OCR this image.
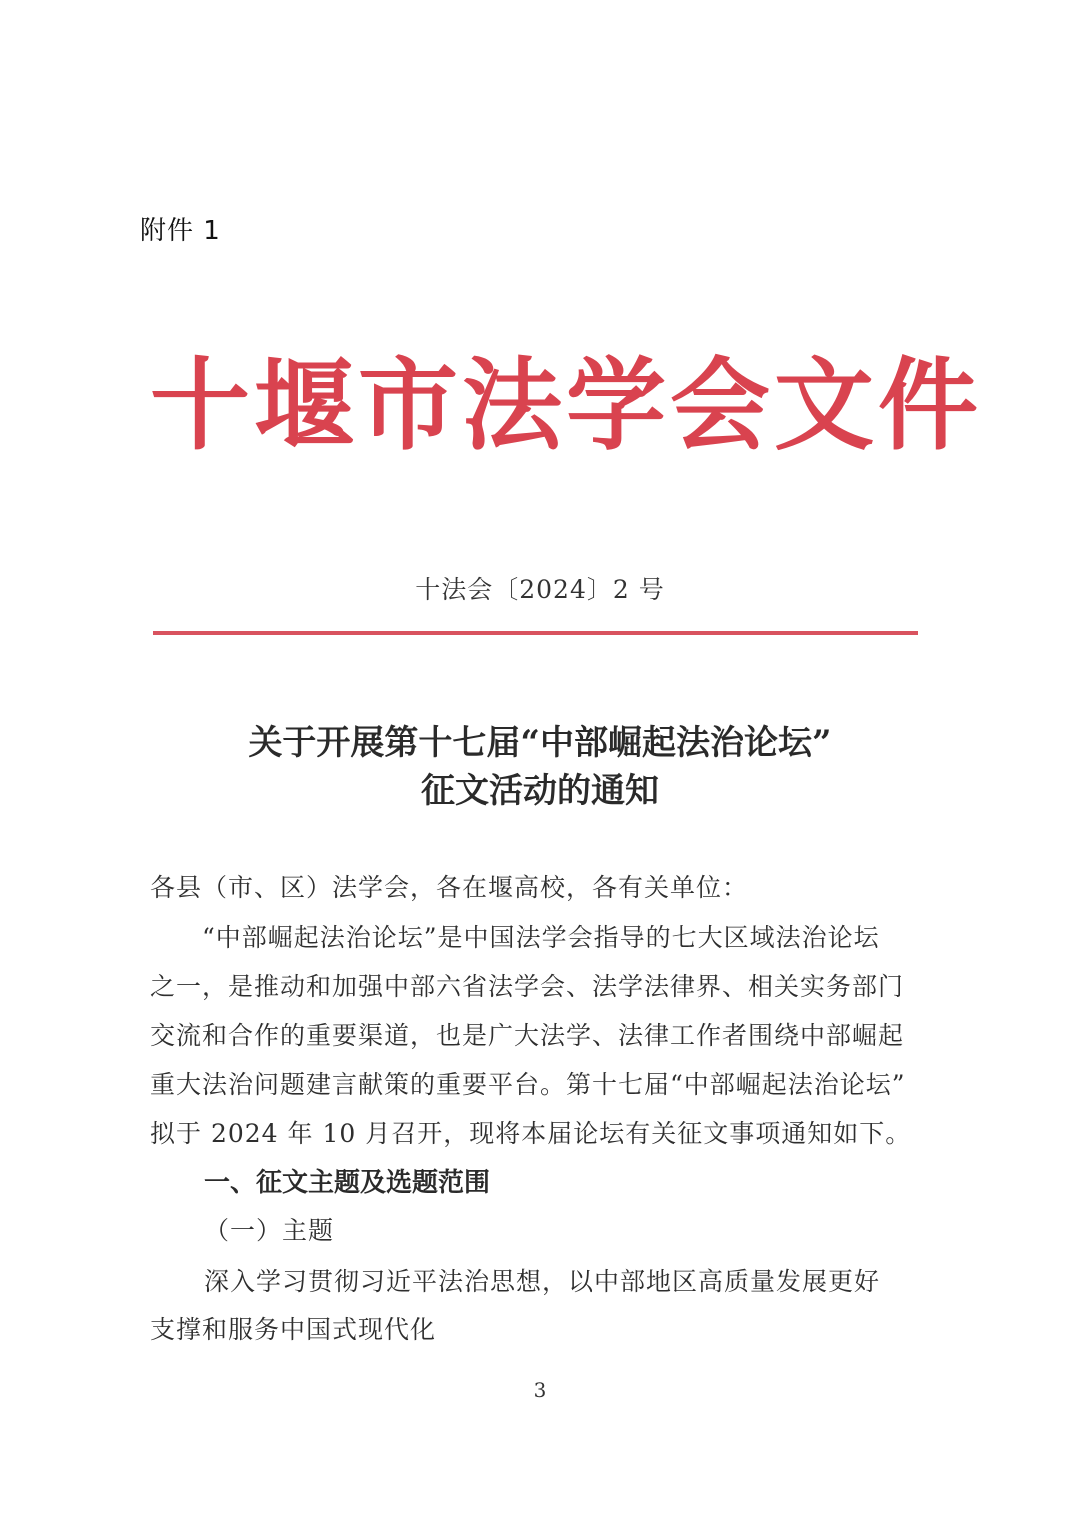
附件 1
十堰市法学会文件
十法会〔2024〕2 号
关于开展第十七届“中部崛起法治论坛”
征文活动的通知
各县（市、区）法学会，各在堰高校，各有关单位：
“中部崛起法治论坛”是中国法学会指导的七大区域法治论坛
之一，是推动和加强中部六省法学会、法学法律界、相关实务部门
交流和合作的重要渠道，也是广大法学、法律工作者围绕中部崛起
重大法治问题建言献策的重要平台。第十七届“中部崛起法治论坛”
拟于 2024 年 10 月召开，现将本届论坛有关征文事项通知如下。
一、征文主题及选题范围
（一）主题
深入学习贯彻习近平法治思想，以中部地区高质量发展更好
支撑和服务中国式现代化
3
